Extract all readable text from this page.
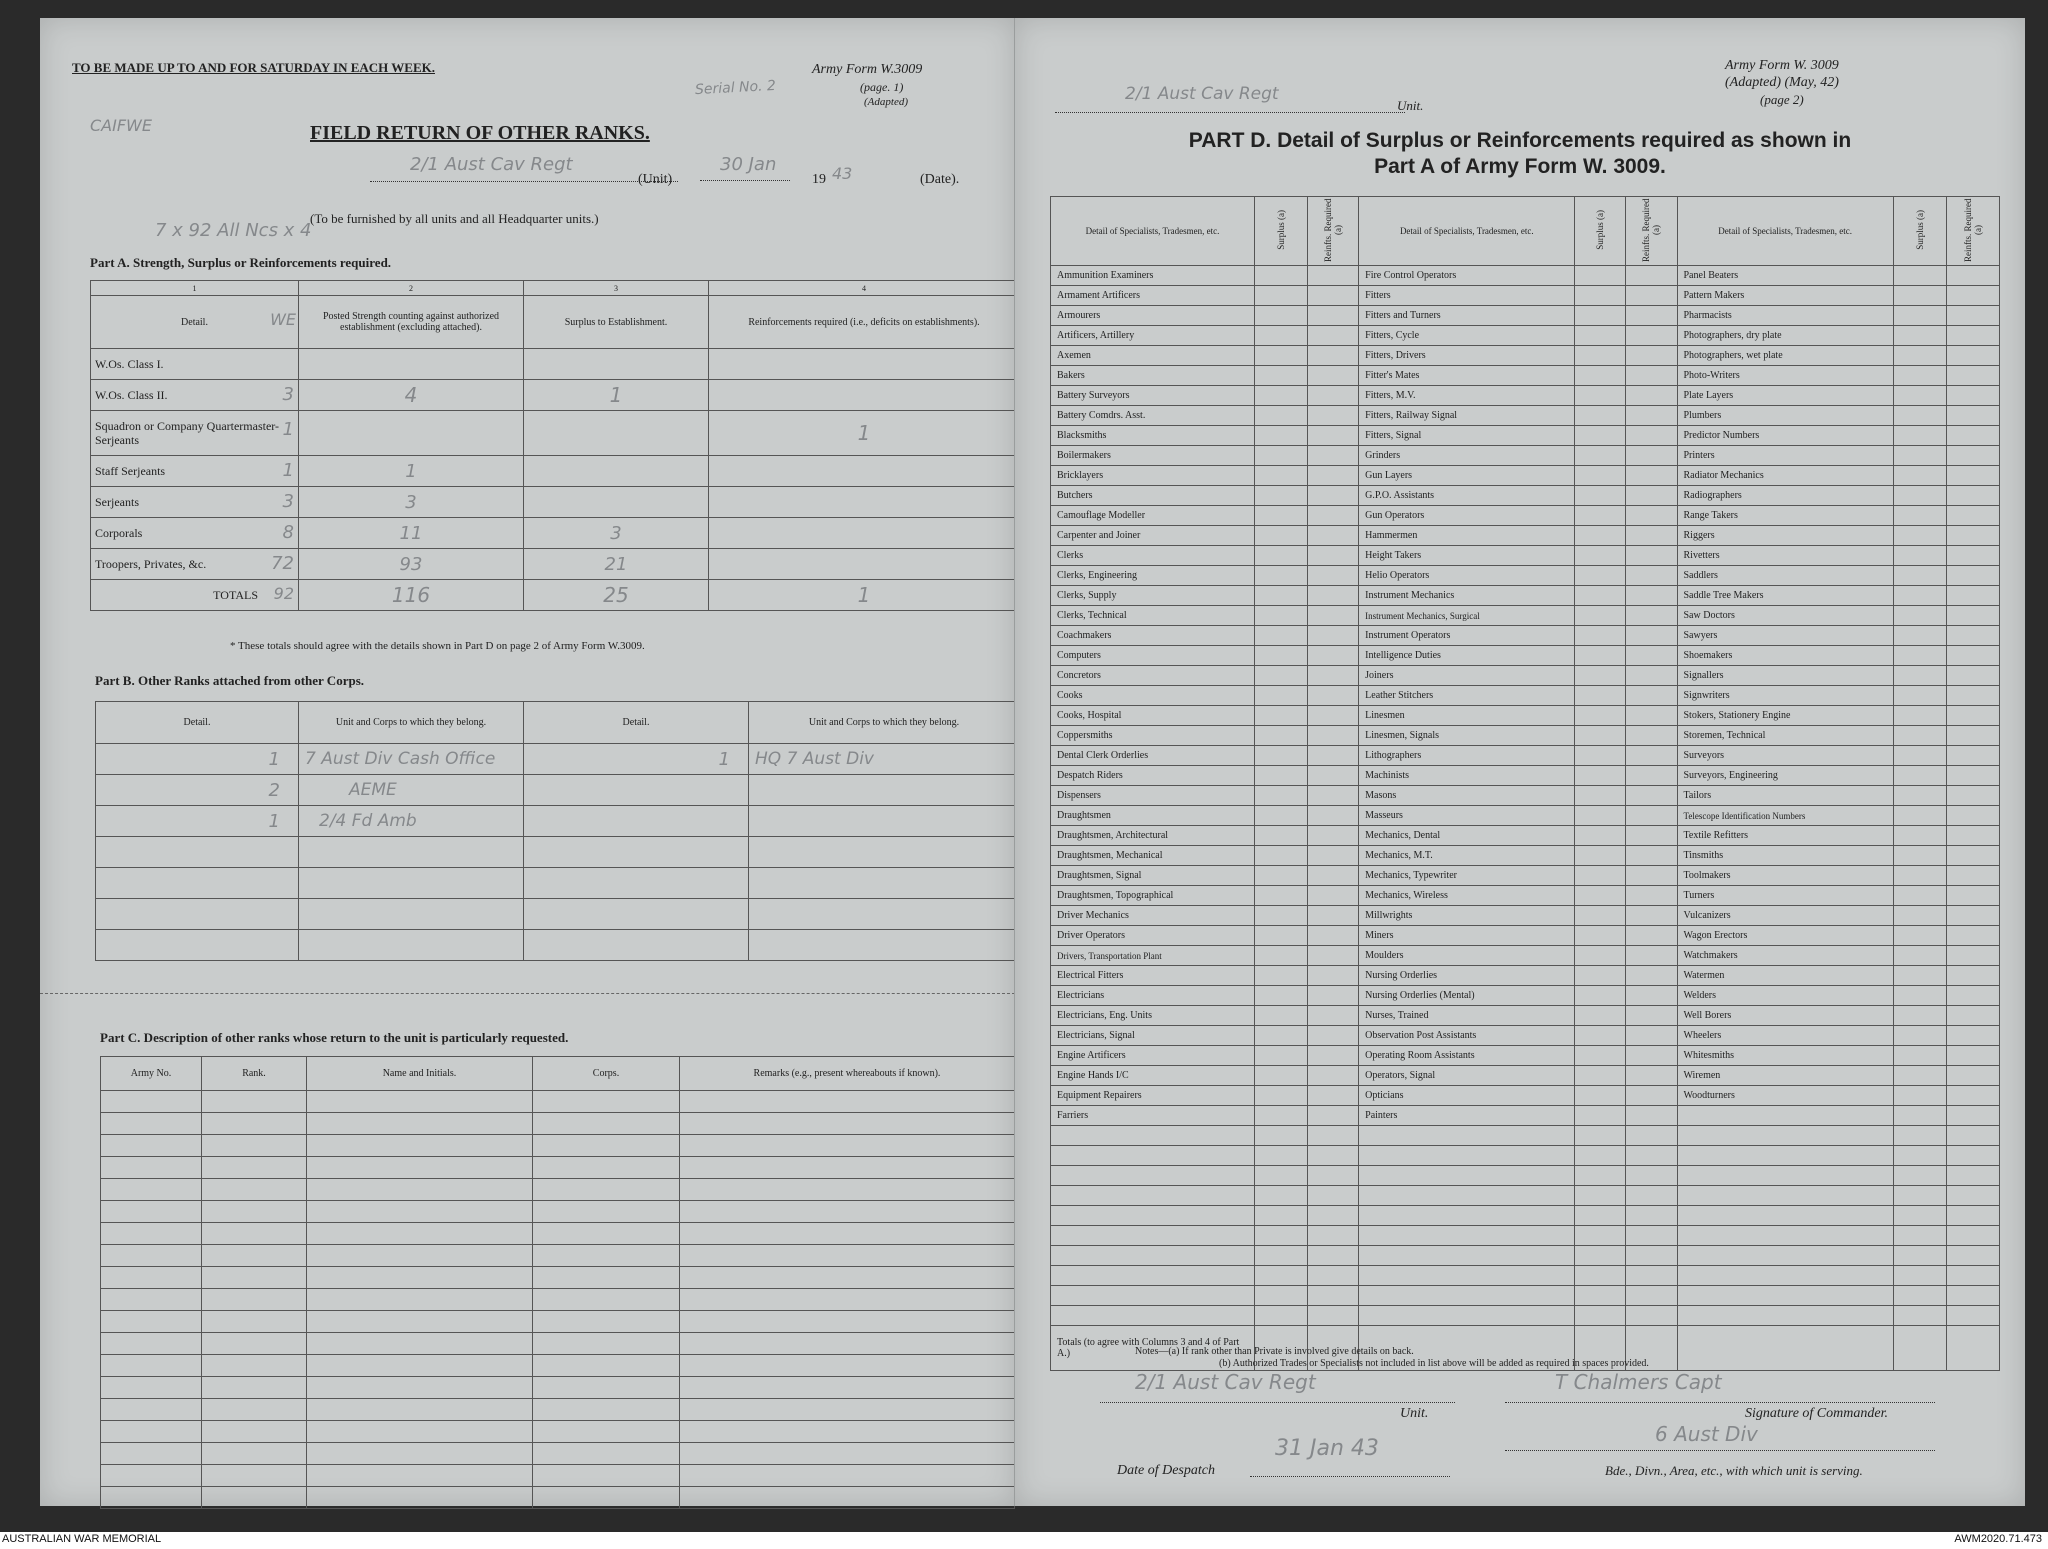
TO BE MADE UP TO AND FOR SATURDAY IN EACH WEEK.	Army Form W.3009
(page. 1)
(Adapted)
Serial No. 2
CAIFWE	FIELD RETURN OF OTHER RANKS.
2/1 Aust Cav Regt
(Unit)
30 Jan
19 43	(Date).
(To be furnished by all units and all Headquarter units.)
7 x 92 All Ncs x 4
Part A. Strength, Surplus or Reinforcements required.
1	2	3	4
Detail. WE	Posted Strength counting against authorized establishment (excluding attached).	Surplus to Establishment.	Reinforcements required (i.e., deficits on establishments).
W.Os. Class I.			
W.Os. Class II. 3	4	1	
Squadron or Company Quartermaster-Serjeants 1			1
Staff Serjeants 1	1		
Serjeants 3	3		
Corporals 8	11	3	
Troopers, Privates, &c. 72	93	21	
TOTALS 92	116	25	1
* These totals should agree with the details shown in Part D on page 2 of Army Form W.3009.
Part B. Other Ranks attached from other Corps.
Detail.	Unit and Corps to which they belong.	Detail.	Unit and Corps to which they belong.
1	7 Aust Div Cash Office	1	HQ 7 Aust Div
2	AEME		
1	2/4 Fd Amb		

Part C. Description of other ranks whose return to the unit is particularly requested.
Army No.	Rank.	Name and Initials.	Corps.	Remarks (e.g., present whereabouts if known).

Army Form W. 3009
(Adapted) (May, 42)
(page 2)
2/1 Aust Cav Regt
Unit.
PART D. Detail of Surplus or Reinforcements required as shown in
Part A of Army Form W. 3009.
Detail of Specialists, Tradesmen, etc.	Surplus (a)	Reinfts. Required (a)	Detail of Specialists, Tradesmen, etc.	Surplus (a)	Reinfts. Required (a)	Detail of Specialists, Tradesmen, etc.	Surplus (a)	Reinfts. Required (a)
Ammunition Examiners			Fire Control Operators			Panel Beaters		
Armament Artificers			Fitters			Pattern Makers		
Armourers			Fitters and Turners			Pharmacists		
Artificers, Artillery			Fitters, Cycle			Photographers, dry plate		
Axemen			Fitters, Drivers			Photographers, wet plate		
Bakers			Fitter's Mates			Photo-Writers		
Battery Surveyors			Fitters, M.V.			Plate Layers		
Battery Comdrs. Asst.			Fitters, Railway Signal			Plumbers		
Blacksmiths			Fitters, Signal			Predictor Numbers		
Boilermakers			Grinders			Printers		
Bricklayers			Gun Layers			Radiator Mechanics		
Butchers			G.P.O. Assistants			Radiographers		
Camouflage Modeller			Gun Operators			Range Takers		
Carpenter and Joiner			Hammermen			Riggers		
Clerks			Height Takers			Rivetters		
Clerks, Engineering			Helio Operators			Saddlers		
Clerks, Supply			Instrument Mechanics			Saddle Tree Makers		
Clerks, Technical			Instrument Mechanics, Surgical			Saw Doctors		
Coachmakers			Instrument Operators			Sawyers		
Computers			Intelligence Duties			Shoemakers		
Concretors			Joiners			Signallers		
Cooks			Leather Stitchers			Signwriters		
Cooks, Hospital			Linesmen			Stokers, Stationery Engine		
Coppersmiths			Linesmen, Signals			Storemen, Technical		
Dental Clerk Orderlies			Lithographers			Surveyors		
Despatch Riders			Machinists			Surveyors, Engineering		
Dispensers			Masons			Tailors		
Draughtsmen			Masseurs			Telescope Identification Numbers		
Draughtsmen, Architectural			Mechanics, Dental			Textile Refitters		
Draughtsmen, Mechanical			Mechanics, M.T.			Tinsmiths		
Draughtsmen, Signal			Mechanics, Typewriter			Toolmakers		
Draughtsmen, Topographical			Mechanics, Wireless			Turners		
Driver Mechanics			Millwrights			Vulcanizers		
Driver Operators			Miners			Wagon Erectors		
Drivers, Transportation Plant			Moulders			Watchmakers		
Electrical Fitters			Nursing Orderlies			Watermen		
Electricians			Nursing Orderlies (Mental)			Welders		
Electricians, Eng. Units			Nurses, Trained			Well Borers		
Electricians, Signal			Observation Post Assistants			Wheelers		
Engine Artificers			Operating Room Assistants			Whitesmiths		
Engine Hands I/C			Operators, Signal			Wiremen		
Equipment Repairers			Opticians			Woodturners		
Farriers			Painters					

Totals (to agree with Columns 3 and 4 of Part A.)									Notes—(a) If rank other than Private is involved give details on back.
(b) Authorized Trades or Specialists not included in list above will be added as required in spaces provided.
2/1 Aust Cav Regt	T Chalmers Capt
Unit.	Signature of Commander.
Date of Despatch
31 Jan 43
6 Aust Div
Bde., Divn., Area, etc., with which unit is serving.
AUSTRALIAN WAR MEMORIAL	AWM2020.71.473
